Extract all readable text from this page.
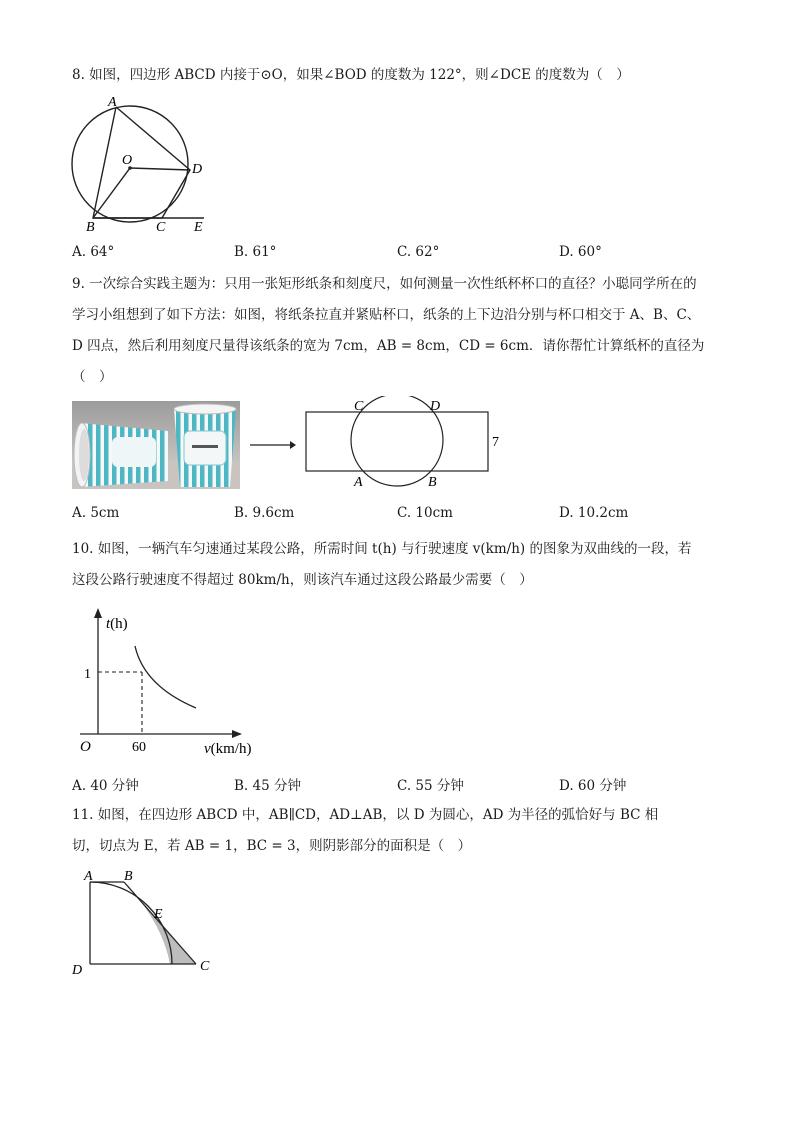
8. 如图，四边形 ABCD 内接于⊙O，如果∠BOD 的度数为 122°，则∠DCE 的度数为（　）
A
O
D
B	C E
A. 64°	B. 61°	C. 62°	D. 60°
9. 一次综合实践主题为：只用一张矩形纸条和刻度尺，如何测量一次性纸杯杯口的直径？小聪同学所在的
学习小组想到了如下方法：如图，将纸条拉直并紧贴杯口，纸条的上下边沿分别与杯口相交于 A、B、C、
D 四点，然后利用刻度尺量得该纸条的宽为 7cm，AB = 8cm，CD = 6cm．请你帮忙计算纸杯的直径为
（　）
C	D
7
A	B
A. 5cm	B. 9.6cm	C. 10cm	D. 10.2cm
10. 如图，一辆汽车匀速通过某段公路，所需时间 t(h) 与行驶速度 v(km/h) 的图象为双曲线的一段，若
这段公路行驶速度不得超过 80km/h，则该汽车通过这段公路最少需要（　）
t(h)
1
O	60	v(km/h)
A. 40 分钟	B. 45 分钟	C. 55 分钟	D. 60 分钟
11. 如图，在四边形 ABCD 中，AB∥CD，AD⊥AB，以 D 为圆心，AD 为半径的弧恰好与 BC 相
切，切点为 E，若 AB = 1，BC = 3，则阴影部分的面积是（　）
A B
E
D	C
